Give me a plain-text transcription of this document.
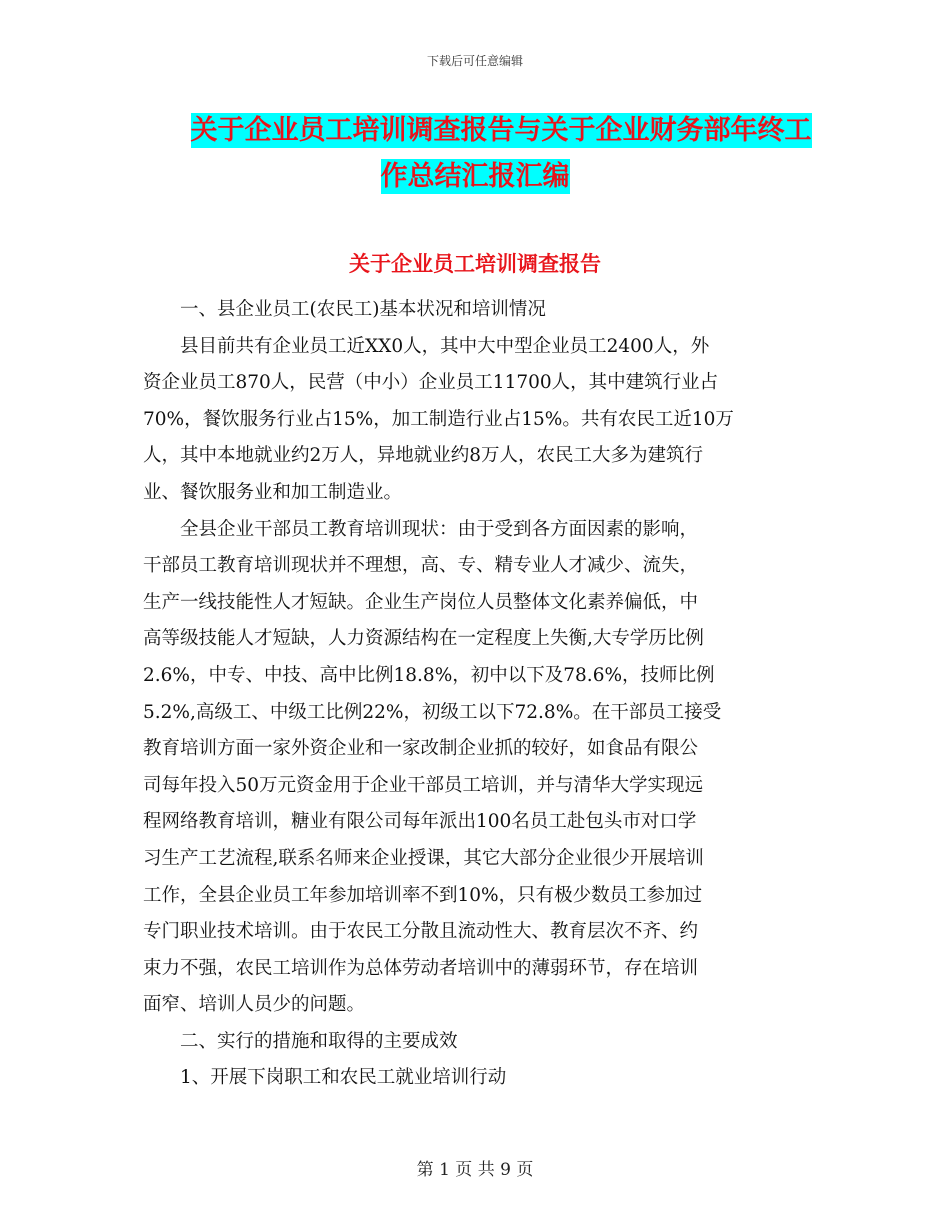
下载后可任意编辑
关于企业员工培训调查报告与关于企业财务部年终工
作总结汇报汇编
关于企业员工培训调查报告

一、县企业员工(农民工)基本状况和培训情况

县目前共有企业员工近XX0人，其中大中型企业员工2400人，外
资企业员工870人，民营（中小）企业员工11700人，其中建筑行业占
70%，餐饮服务行业占15%，加工制造行业占15%。共有农民工近10万
人，其中本地就业约2万人，异地就业约8万人，农民工大多为建筑行
业、餐饮服务业和加工制造业。

全县企业干部员工教育培训现状：由于受到各方面因素的影响，
干部员工教育培训现状并不理想，高、专、精专业人才减少、流失，
生产一线技能性人才短缺。企业生产岗位人员整体文化素养偏低，中
高等级技能人才短缺，人力资源结构在一定程度上失衡,大专学历比例
2.6%，中专、中技、高中比例18.8%，初中以下及78.6%，技师比例
5.2%,高级工、中级工比例22%，初级工以下72.8%。在干部员工接受
教育培训方面一家外资企业和一家改制企业抓的较好，如食品有限公
司每年投入50万元资金用于企业干部员工培训，并与清华大学实现远
程网络教育培训，糖业有限公司每年派出100名员工赴包头市对口学
习生产工艺流程,联系名师来企业授课，其它大部分企业很少开展培训
工作，全县企业员工年参加培训率不到10%，只有极少数员工参加过
专门职业技术培训。由于农民工分散且流动性大、教育层次不齐、约
束力不强，农民工培训作为总体劳动者培训中的薄弱环节，存在培训
面窄、培训人员少的问题。

二、实行的措施和取得的主要成效

1、开展下岗职工和农民工就业培训行动

第 1 页 共 9 页
